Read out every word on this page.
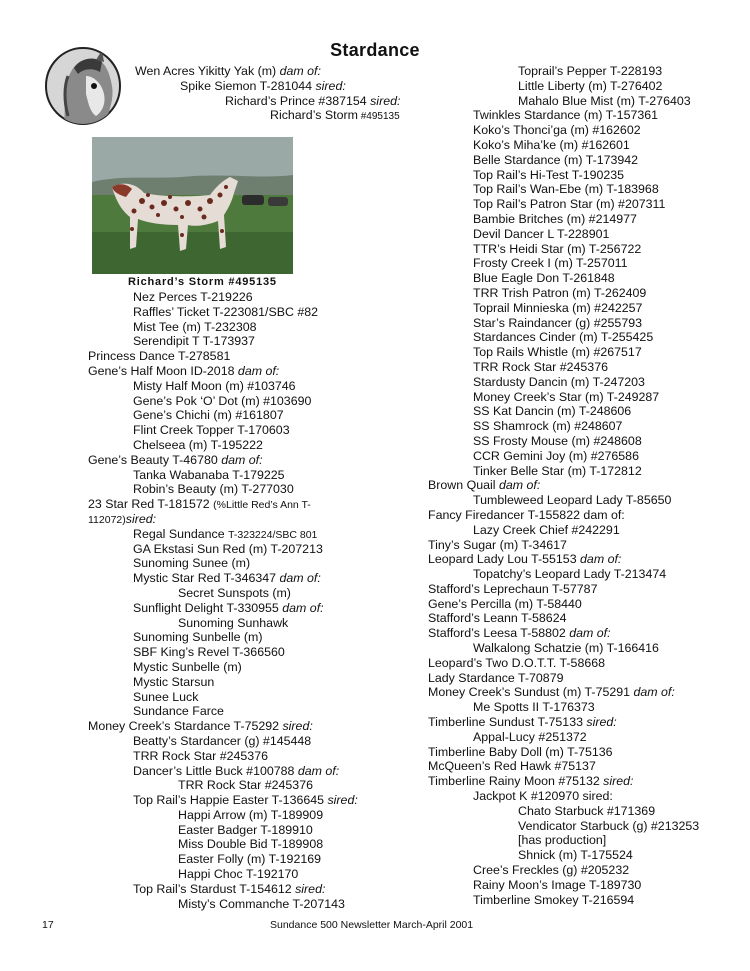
Stardance
Wen Acres Yikitty Yak (m) dam of:
Spike Siemon T-281044 sired:
Richard’s Prince #387154 sired:
Richard’s Storm #495135
Richard’s Storm #495135
Nez Perces T-219226
Raffles’ Ticket T-223081/SBC #82
Mist Tee (m) T-232308
Serendipit T T-173937
Princess Dance T-278581
Gene’s Half Moon ID-2018 dam of:
Misty Half Moon (m) #103746
Gene’s Pok ‘O’ Dot (m) #103690
Gene’s Chichi (m) #161807
Flint Creek Topper T-170603
Chelseea (m) T-195222
Gene’s Beauty T-46780 dam of:
Tanka Wabanaba T-179225
Robin’s Beauty (m) T-277030
23 Star Red T-181572 (%Little Red’s Ann T-
112072)sired:
Regal Sundance T-323224/SBC 801
GA Ekstasi Sun Red (m) T-207213
Sunoming Sunee (m)
Mystic Star Red T-346347 dam of:
Secret Sunspots (m)
Sunflight Delight T-330955 dam of:
Sunoming Sunhawk
Sunoming Sunbelle (m)
SBF King’s Revel T-366560
Mystic Sunbelle (m)
Mystic Starsun
Sunee Luck
Sundance Farce
Money Creek’s Stardance T-75292 sired:
Beatty’s Stardancer (g) #145448
TRR Rock Star #245376
Dancer’s Little Buck #100788 dam of:
TRR Rock Star #245376
Top Rail’s Happie Easter T-136645 sired:
Happi Arrow (m) T-189909
Easter Badger T-189910
Miss Double Bid T-189908
Easter Folly (m) T-192169
Happi Choc T-192170
Top Rail’s Stardust T-154612 sired:
Misty’s Commanche T-207143
Toprail’s Pepper T-228193
Little Liberty (m) T-276402
Mahalo Blue Mist (m) T-276403
Twinkles Stardance (m) T-157361
Koko’s Thonci’ga (m) #162602
Koko’s Miha’ke (m) #162601
Belle Stardance (m) T-173942
Top Rail’s Hi-Test T-190235
Top Rail’s Wan-Ebe (m) T-183968
Top Rail’s Patron Star (m) #207311
Bambie Britches (m) #214977
Devil Dancer L T-228901
TTR’s Heidi Star (m) T-256722
Frosty Creek I (m) T-257011
Blue Eagle Don T-261848
TRR Trish Patron (m) T-262409
Toprail Minnieska (m) #242257
Star’s Raindancer (g) #255793
Stardances Cinder (m) T-255425
Top Rails Whistle (m) #267517
TRR Rock Star #245376
Stardusty Dancin (m) T-247203
Money Creek’s Star (m) T-249287
SS Kat Dancin (m) T-248606
SS Shamrock (m) #248607
SS Frosty Mouse (m) #248608
CCR Gemini Joy (m) #276586
Tinker Belle Star (m) T-172812
Brown Quail dam of:
Tumbleweed Leopard Lady T-85650
Fancy Firedancer T-155822 dam of:
Lazy Creek Chief #242291
Tiny’s Sugar (m) T-34617
Leopard Lady Lou T-55153 dam of:
Topatchy’s Leopard Lady T-213474
Stafford’s Leprechaun T-57787
Gene’s Percilla (m) T-58440
Stafford’s Leann T-58624
Stafford’s Leesa T-58802 dam of:
Walkalong Schatzie (m) T-166416
Leopard’s Two D.O.T.T. T-58668
Lady Stardance T-70879
Money Creek’s Sundust (m) T-75291 dam of:
Me Spotts II T-176373
Timberline Sundust T-75133 sired:
Appal-Lucy #251372
Timberline Baby Doll (m) T-75136
McQueen’s Red Hawk #75137
Timberline Rainy Moon #75132 sired:
Jackpot K #120970 sired:
Chato Starbuck #171369
Vendicator Starbuck (g) #213253
[has production]
Shnick (m) T-175524
Cree’s Freckles (g) #205232
Rainy Moon’s Image T-189730
Timberline Smokey T-216594
17	Sundance 500 Newsletter March-April 2001
